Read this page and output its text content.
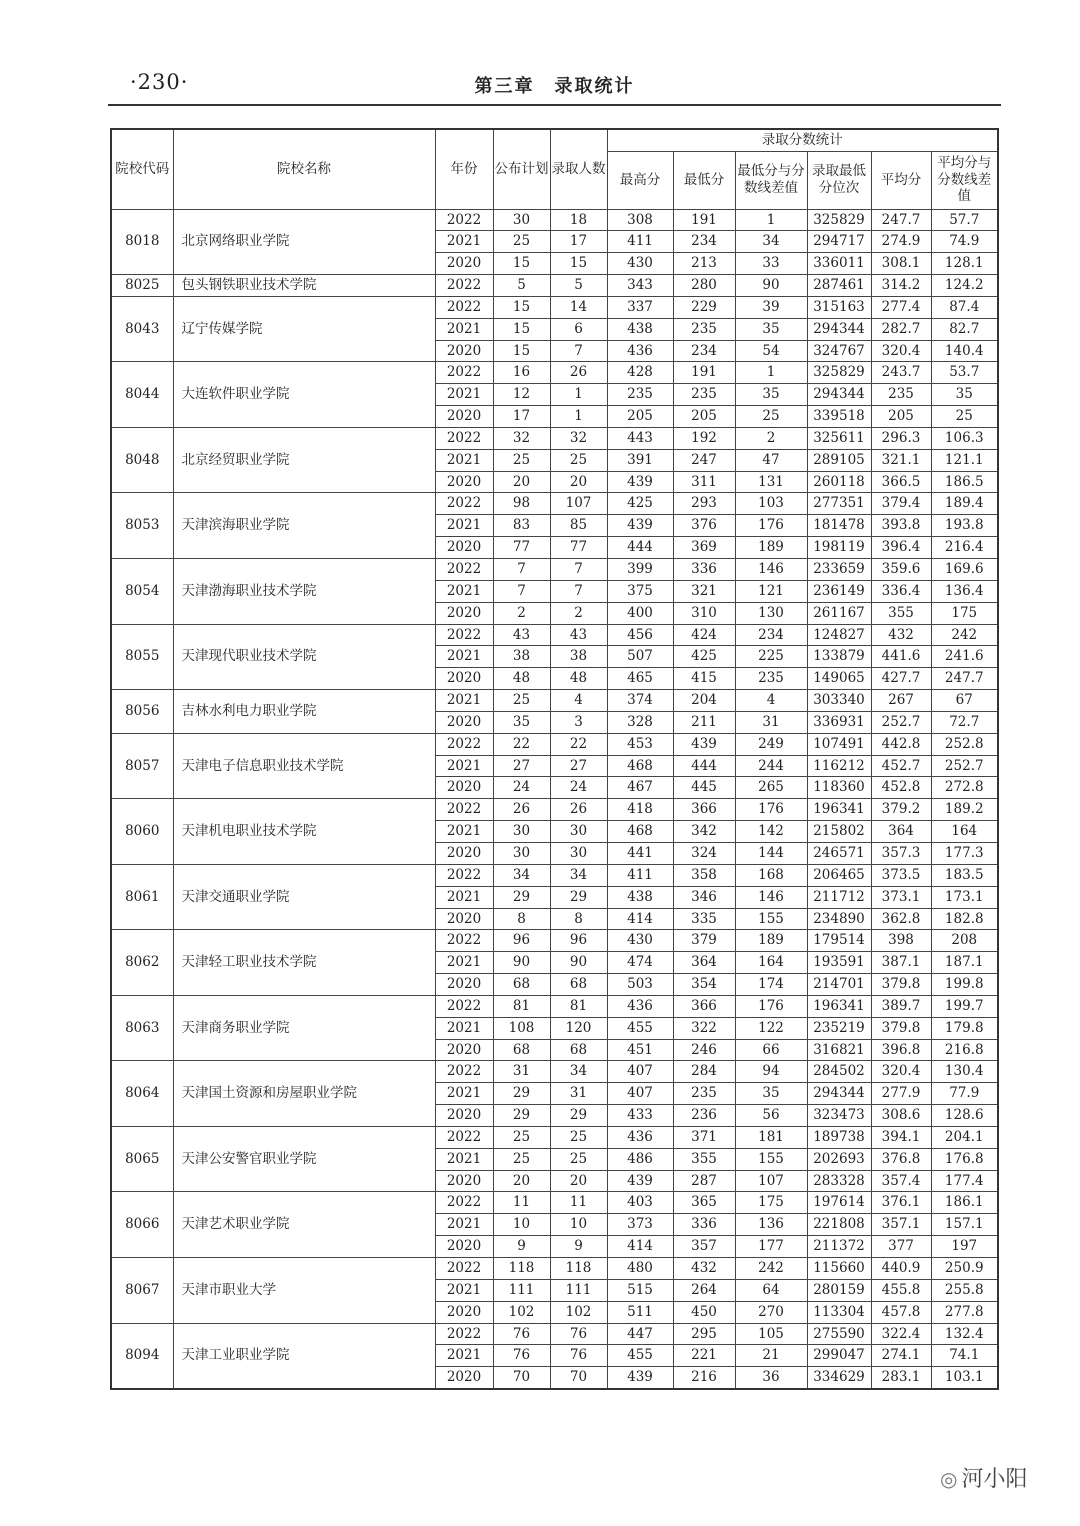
·230·	第三章　录取统计
院校代码	院校名称	年份	公布计划	录取人数	录取分数统计					
					最高分	最低分	最低分与分数线差值	录取最低分位次	平均分	平均分与分数线差值
8018	北京网络职业学院	2022	30	18	308	191	1	325829	247.7	57.7
		2021	25	17	411	234	34	294717	274.9	74.9
		2020	15	15	430	213	33	336011	308.1	128.1
8025	包头钢铁职业技术学院	2022	5	5	343	280	90	287461	314.2	124.2
8043	辽宁传媒学院	2022	15	14	337	229	39	315163	277.4	87.4
		2021	15	6	438	235	35	294344	282.7	82.7
		2020	15	7	436	234	54	324767	320.4	140.4
8044	大连软件职业学院	2022	16	26	428	191	1	325829	243.7	53.7
		2021	12	1	235	235	35	294344	235	35
		2020	17	1	205	205	25	339518	205	25
8048	北京经贸职业学院	2022	32	32	443	192	2	325611	296.3	106.3
		2021	25	25	391	247	47	289105	321.1	121.1
		2020	20	20	439	311	131	260118	366.5	186.5
8053	天津滨海职业学院	2022	98	107	425	293	103	277351	379.4	189.4
		2021	83	85	439	376	176	181478	393.8	193.8
		2020	77	77	444	369	189	198119	396.4	216.4
8054	天津渤海职业技术学院	2022	7	7	399	336	146	233659	359.6	169.6
		2021	7	7	375	321	121	236149	336.4	136.4
		2020	2	2	400	310	130	261167	355	175
8055	天津现代职业技术学院	2022	43	43	456	424	234	124827	432	242
		2021	38	38	507	425	225	133879	441.6	241.6
		2020	48	48	465	415	235	149065	427.7	247.7
8056	吉林水利电力职业学院	2021	25	4	374	204	4	303340	267	67
		2020	35	3	328	211	31	336931	252.7	72.7
8057	天津电子信息职业技术学院	2022	22	22	453	439	249	107491	442.8	252.8
		2021	27	27	468	444	244	116212	452.7	252.7
		2020	24	24	467	445	265	118360	452.8	272.8
8060	天津机电职业技术学院	2022	26	26	418	366	176	196341	379.2	189.2
		2021	30	30	468	342	142	215802	364	164
		2020	30	30	441	324	144	246571	357.3	177.3
8061	天津交通职业学院	2022	34	34	411	358	168	206465	373.5	183.5
		2021	29	29	438	346	146	211712	373.1	173.1
		2020	8	8	414	335	155	234890	362.8	182.8
8062	天津轻工职业技术学院	2022	96	96	430	379	189	179514	398	208
		2021	90	90	474	364	164	193591	387.1	187.1
		2020	68	68	503	354	174	214701	379.8	199.8
8063	天津商务职业学院	2022	81	81	436	366	176	196341	389.7	199.7
		2021	108	120	455	322	122	235219	379.8	179.8
		2020	68	68	451	246	66	316821	396.8	216.8
8064	天津国土资源和房屋职业学院	2022	31	34	407	284	94	284502	320.4	130.4
		2021	29	31	407	235	35	294344	277.9	77.9
		2020	29	29	433	236	56	323473	308.6	128.6
8065	天津公安警官职业学院	2022	25	25	436	371	181	189738	394.1	204.1
		2021	25	25	486	355	155	202693	376.8	176.8
		2020	20	20	439	287	107	283328	357.4	177.4
8066	天津艺术职业学院	2022	11	11	403	365	175	197614	376.1	186.1
		2021	10	10	373	336	136	221808	357.1	157.1
		2020	9	9	414	357	177	211372	377	197
8067	天津市职业大学	2022	118	118	480	432	242	115660	440.9	250.9
		2021	111	111	515	264	64	280159	455.8	255.8
		2020	102	102	511	450	270	113304	457.8	277.8
8094	天津工业职业学院	2022	76	76	447	295	105	275590	322.4	132.4
		2021	76	76	455	221	21	299047	274.1	74.1
		2020	70	70	439	216	36	334629	283.1	103.1
◎ 河小阳
